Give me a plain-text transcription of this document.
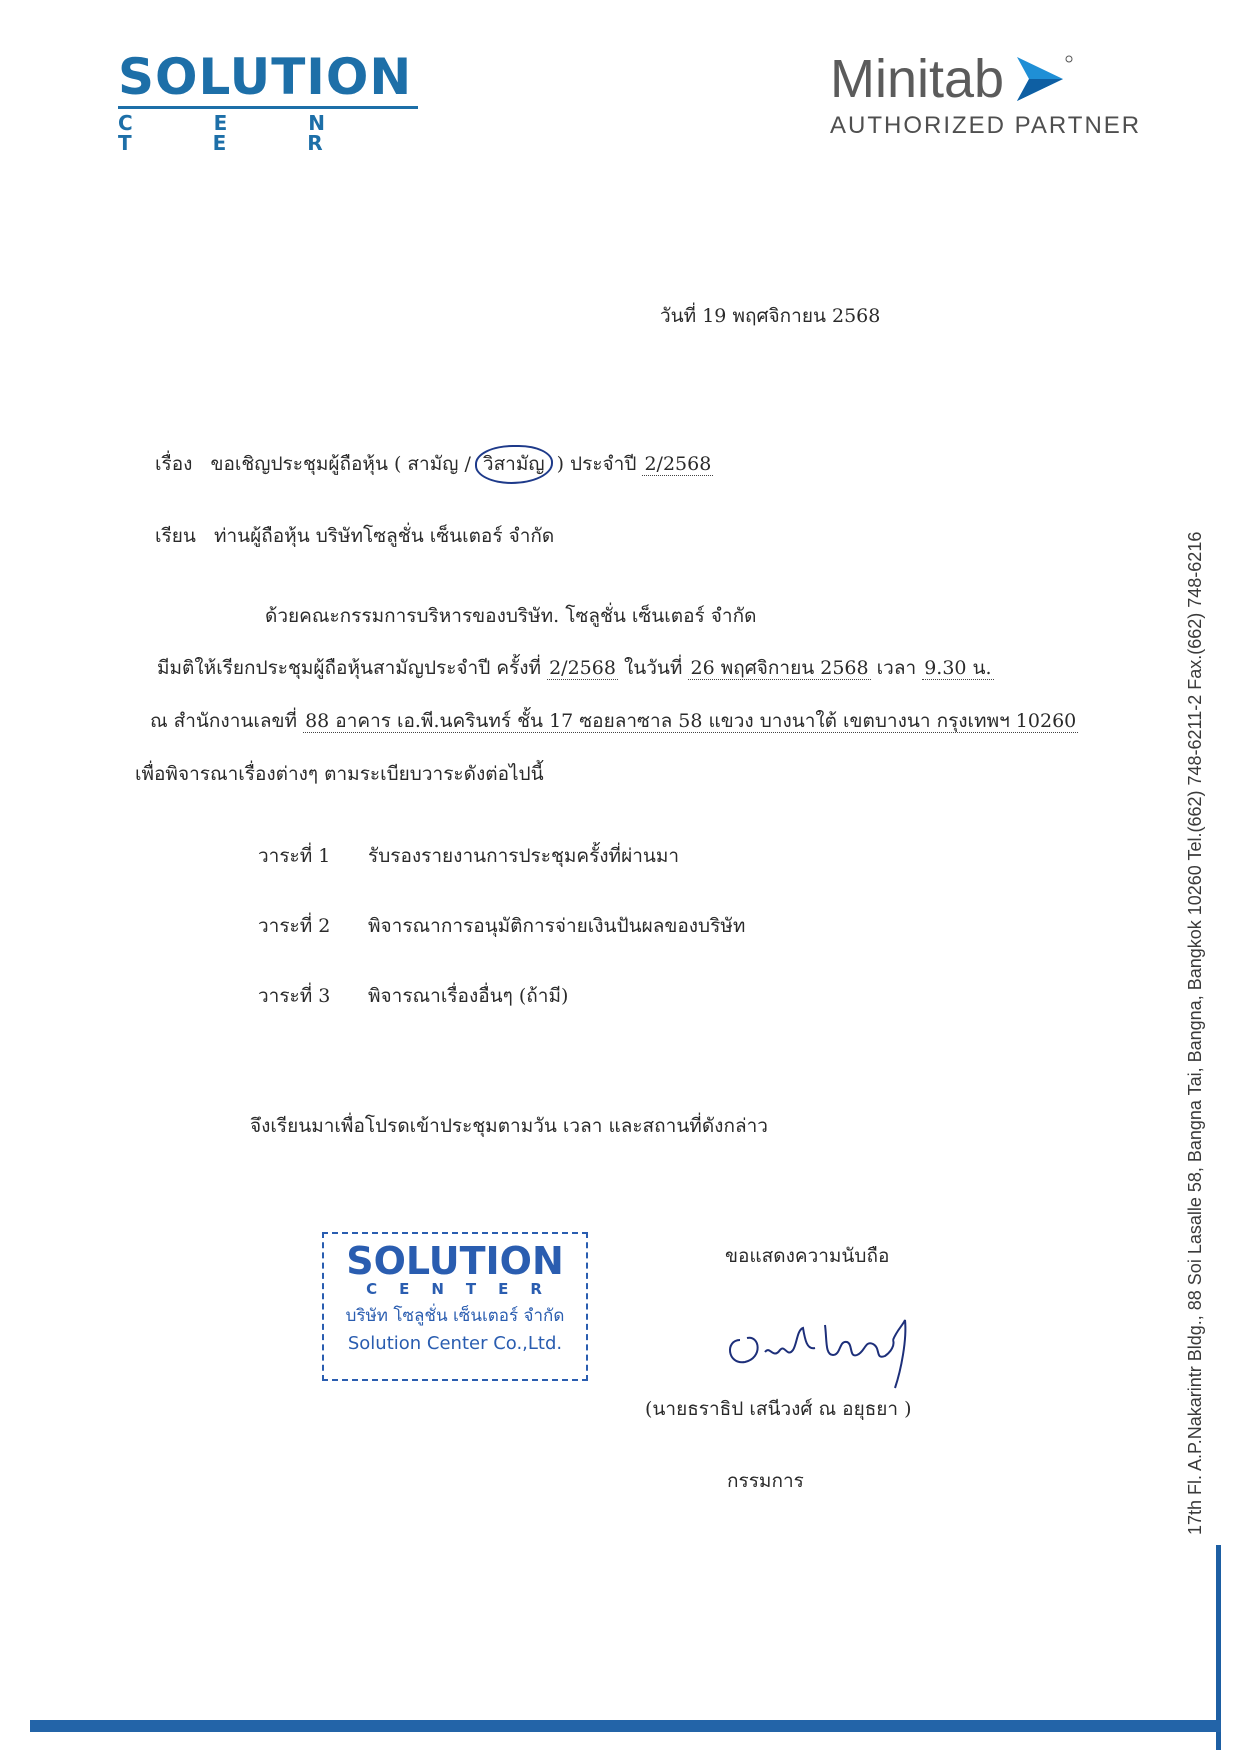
SOLUTION
C E N T E R
Minitab
AUTHORIZED PARTNER
วันที่ 19 พฤศจิกายน 2568
เรื่อง ขอเชิญประชุมผู้ถือหุ้น ( สามัญ / วิสามัญ ) ประจำปี 2/2568
เรียน ท่านผู้ถือหุ้น บริษัทโซลูชั่น เซ็นเตอร์ จำกัด
ด้วยคณะกรรมการบริหารของบริษัท. โซลูชั่น เซ็นเตอร์ จำกัด
มีมติให้เรียกประชุมผู้ถือหุ้นสามัญประจำปี ครั้งที่ 2/2568 ในวันที่ 26 พฤศจิกายน 2568 เวลา 9.30 น.
ณ สำนักงานเลขที่ 88 อาคาร เอ.พี.นครินทร์ ชั้น 17 ซอยลาซาล 58 แขวง บางนาใต้ เขตบางนา กรุงเทพฯ 10260
เพื่อพิจารณาเรื่องต่างๆ ตามระเบียบวาระดังต่อไปนี้
วาระที่ 1 รับรองรายงานการประชุมครั้งที่ผ่านมา
วาระที่ 2 พิจารณาการอนุมัติการจ่ายเงินปันผลของบริษัท
วาระที่ 3 พิจารณาเรื่องอื่นๆ (ถ้ามี)
จึงเรียนมาเพื่อโปรดเข้าประชุมตามวัน เวลา และสถานที่ดังกล่าว
SOLUTION
CENTER
บริษัท โซลูชั่น เซ็นเตอร์ จำกัด
Solution Center Co.,Ltd.
ขอแสดงความนับถือ
(นายธราธิป เสนีวงศ์ ณ อยุธยา )
กรรมการ	17th Fl. A.P.Nakarintr Bldg., 88 Soi Lasalle 58, Bangna Tai, Bangna, Bangkok 10260 Tel.(662) 748-6211-2 Fax.(662) 748-6216
